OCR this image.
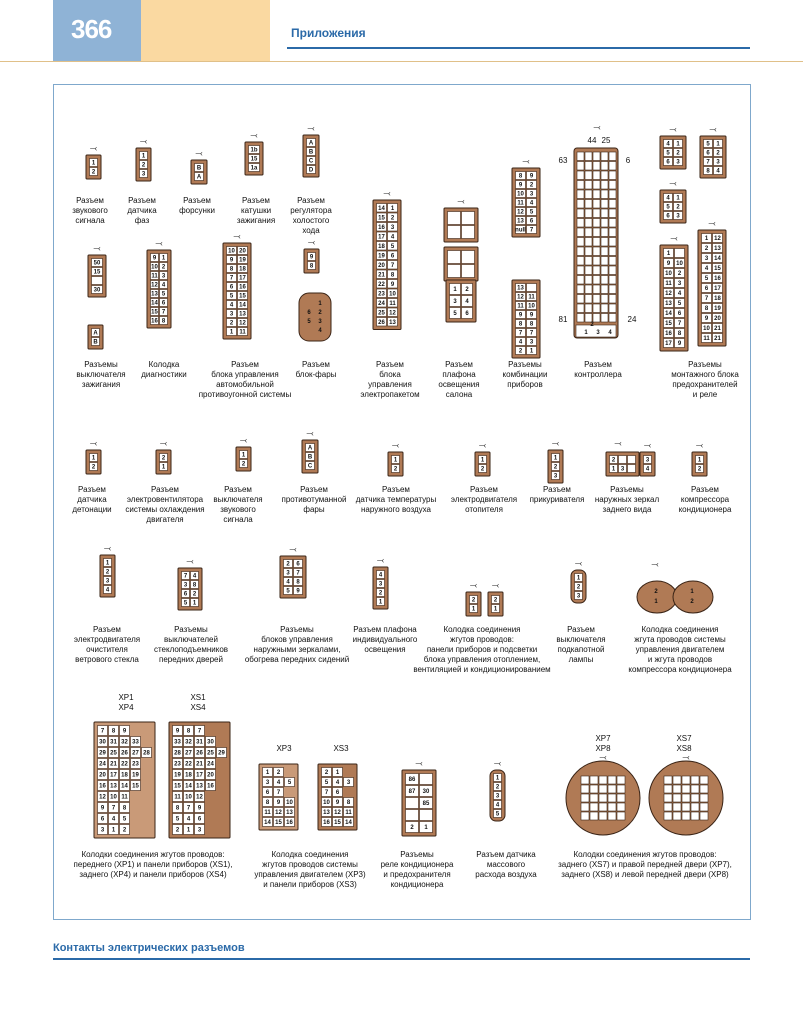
366	Приложения
1
2
⤙
1
2
3
⤙
B
A
⤙	1b
15
1a
⤙
A
B
C
D
⤙
50
15
30
⤙
A
B
9 1
10 2
11 3
12 4
13 5
14 6
15 7
16 8
⤙
10 20
9 19
8 18
7 17
6 16
5 15
4 14
3 13
2 12
1 11
⤙
9
8
⤙
1
2
3
4
6
5
14 1
15 2
16 3
17 4
18 5
19 6
20 7
21 8
22 9
23 10
24 11
25 12
26 13
⤙
⤙
1 2
3 4
5 6
8 9
9 2
10 3
11 4
12 5
13 6
null 7
⤙
13
12 11
11 10
9 9
8 8
7 7
4 3
2 1
1 3 4
2
⤙
44 25
63	6
81	24
4 1
5 2
6 3
⤙
5 1
6 2
7 3
8 4
⤙
4 1
5 2
6 3
⤙
1
9 10
10 2
11 3
12 4
13 5
14 6
15 7
16 8
17 9
⤙	1 12
2 13
3 14
4 15
5 16
6 17
7 18
8 19
9 20
10 21
11 21
⤙
1
2
⤙
2
1
⤙
1
2
⤙
A
B
C
⤙
1
2
⤙
1
2
⤙
1
2
3
⤙
2
1 3
⤙
3
4
⤙
1
2
⤙
1
2
3
4
⤙
7 4
3 8
6 2
5 1
⤙	2 6
3 7
4 8
5 9
⤙
4
3
2
1
⤙
2
1
⤙
2
1
⤙
1
2
3
⤙
2
1
1
2
⤙
7 8 9
30 31 32 33
29 25 26 27 28
24 21 22 23
20 17 18 19
16 13 14 15
12 10 11
9 7 8
6 4 5
3 1 2
9 8 7
33 32 31 30
28 27 26 25 29
23 22 21 24
19 18 17 20
15 14 13 16
11 10 12
8 7 9
5 4 6
2 1 3
1 2
3 4 5
6 7
8 9 10
11 12 13
14 15 16
2 1
5 4 3
7 6
10 9 8
13 12 11
16 15 14
86
87 30
85
2 1
⤙
1
2
3
4
5
⤙
⤙	⤙
XP1
XP4
XS1
XS4
XP3	XS3
XP7
XP8
XS7
XS8
Разъем
звукового
сигнала
Разъем
датчика
фаз
Разъем
форсунки
Разъем
катушки
зажигания
Разъем
регулятора
холостого
хода
Разъемы
выключателя
зажигания
Колодка
диагностики
Разъем
блока управления
автомобильной
противоугонной системы
Разъем
блок-фары
Разъем
блока
управления
электропакетом
Разъем
плафона
освещения
салона
Разъемы
комбинации
приборов
Разъем
контроллера
Разъемы
монтажного блока
предохранителей
и реле
Разъем
датчика
детонации
Разъем
электровентилятора
системы охлаждения
двигателя
Разъем
выключателя
звукового
сигнала
Разъем
противотуманной
фары
Разъем
датчика температуры
наружного воздуха
Разъем
электродвигателя
отопителя
Разъем
прикуривателя
Разъемы
наружных зеркал
заднего вида
Разъем
компрессора
кондиционера
Разъем
электродвигателя
очистителя
ветрового стекла
Разъемы
выключателей
стеклоподъемников
передних дверей
Разъемы
блоков управления
наружными зеркалами,
обогрева передних сидений
Разъем плафона
индивидуального
освещения
Колодка соединения
жгутов проводов:
панели приборов и подсветки
блока управления отоплением,
вентиляцией и кондиционированием
Разъем
выключателя
подкапотной
лампы
Колодка соединения
жгута проводов системы
управления двигателем
и жгута проводов
компрессора кондиционера
Колодки соединения жгутов проводов:
переднего (XP1) и панели приборов (XS1),
заднего (XP4) и панели приборов (XS4)
Колодка соединения
жгутов проводов системы
управления двигателем (XP3)
и панели приборов (XS3)
Разъемы
реле кондиционера
и предохранителя
кондиционера
Разъем датчика
массового
расхода воздуха
Колодки соединения жгутов проводов:
заднего (XS7) и правой передней двери (XP7),
заднего (XS8) и левой передней двери (XP8)
Контакты электрических разъемов
